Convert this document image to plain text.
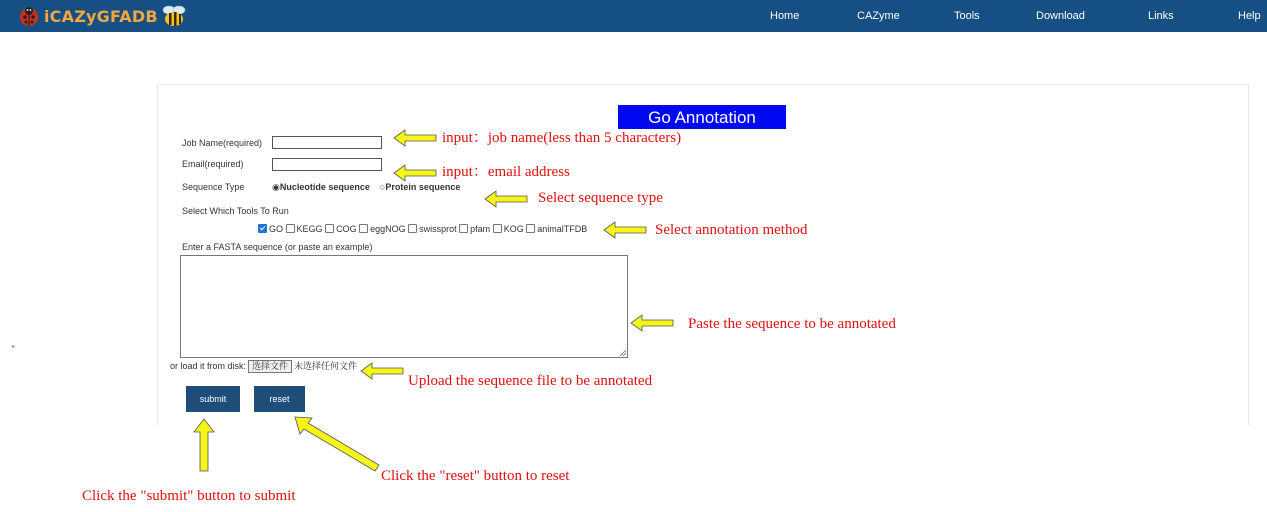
iCAZyGFADB	Home	CAZyme	Tools	Download	Links	Help
▸
Go Annotation
Job Name(required)
Email(required)
Sequence Type	◉Nucleotide sequence ○Protein sequence
Select Which Tools To Run
GO KEGG COG eggNOG swissprot pfam KOG animalTFDB
Enter a FASTA sequence (or paste an example)
or load it from disk: 选择文件 未选择任何文件
submit	reset
input：job name(less than 5 characters)
input：email address
Select sequence type
Select annotation method
Paste the sequence to be annotated
Upload the sequence file to be annotated
Click the "reset" button to reset
Click the "submit" button to submit
